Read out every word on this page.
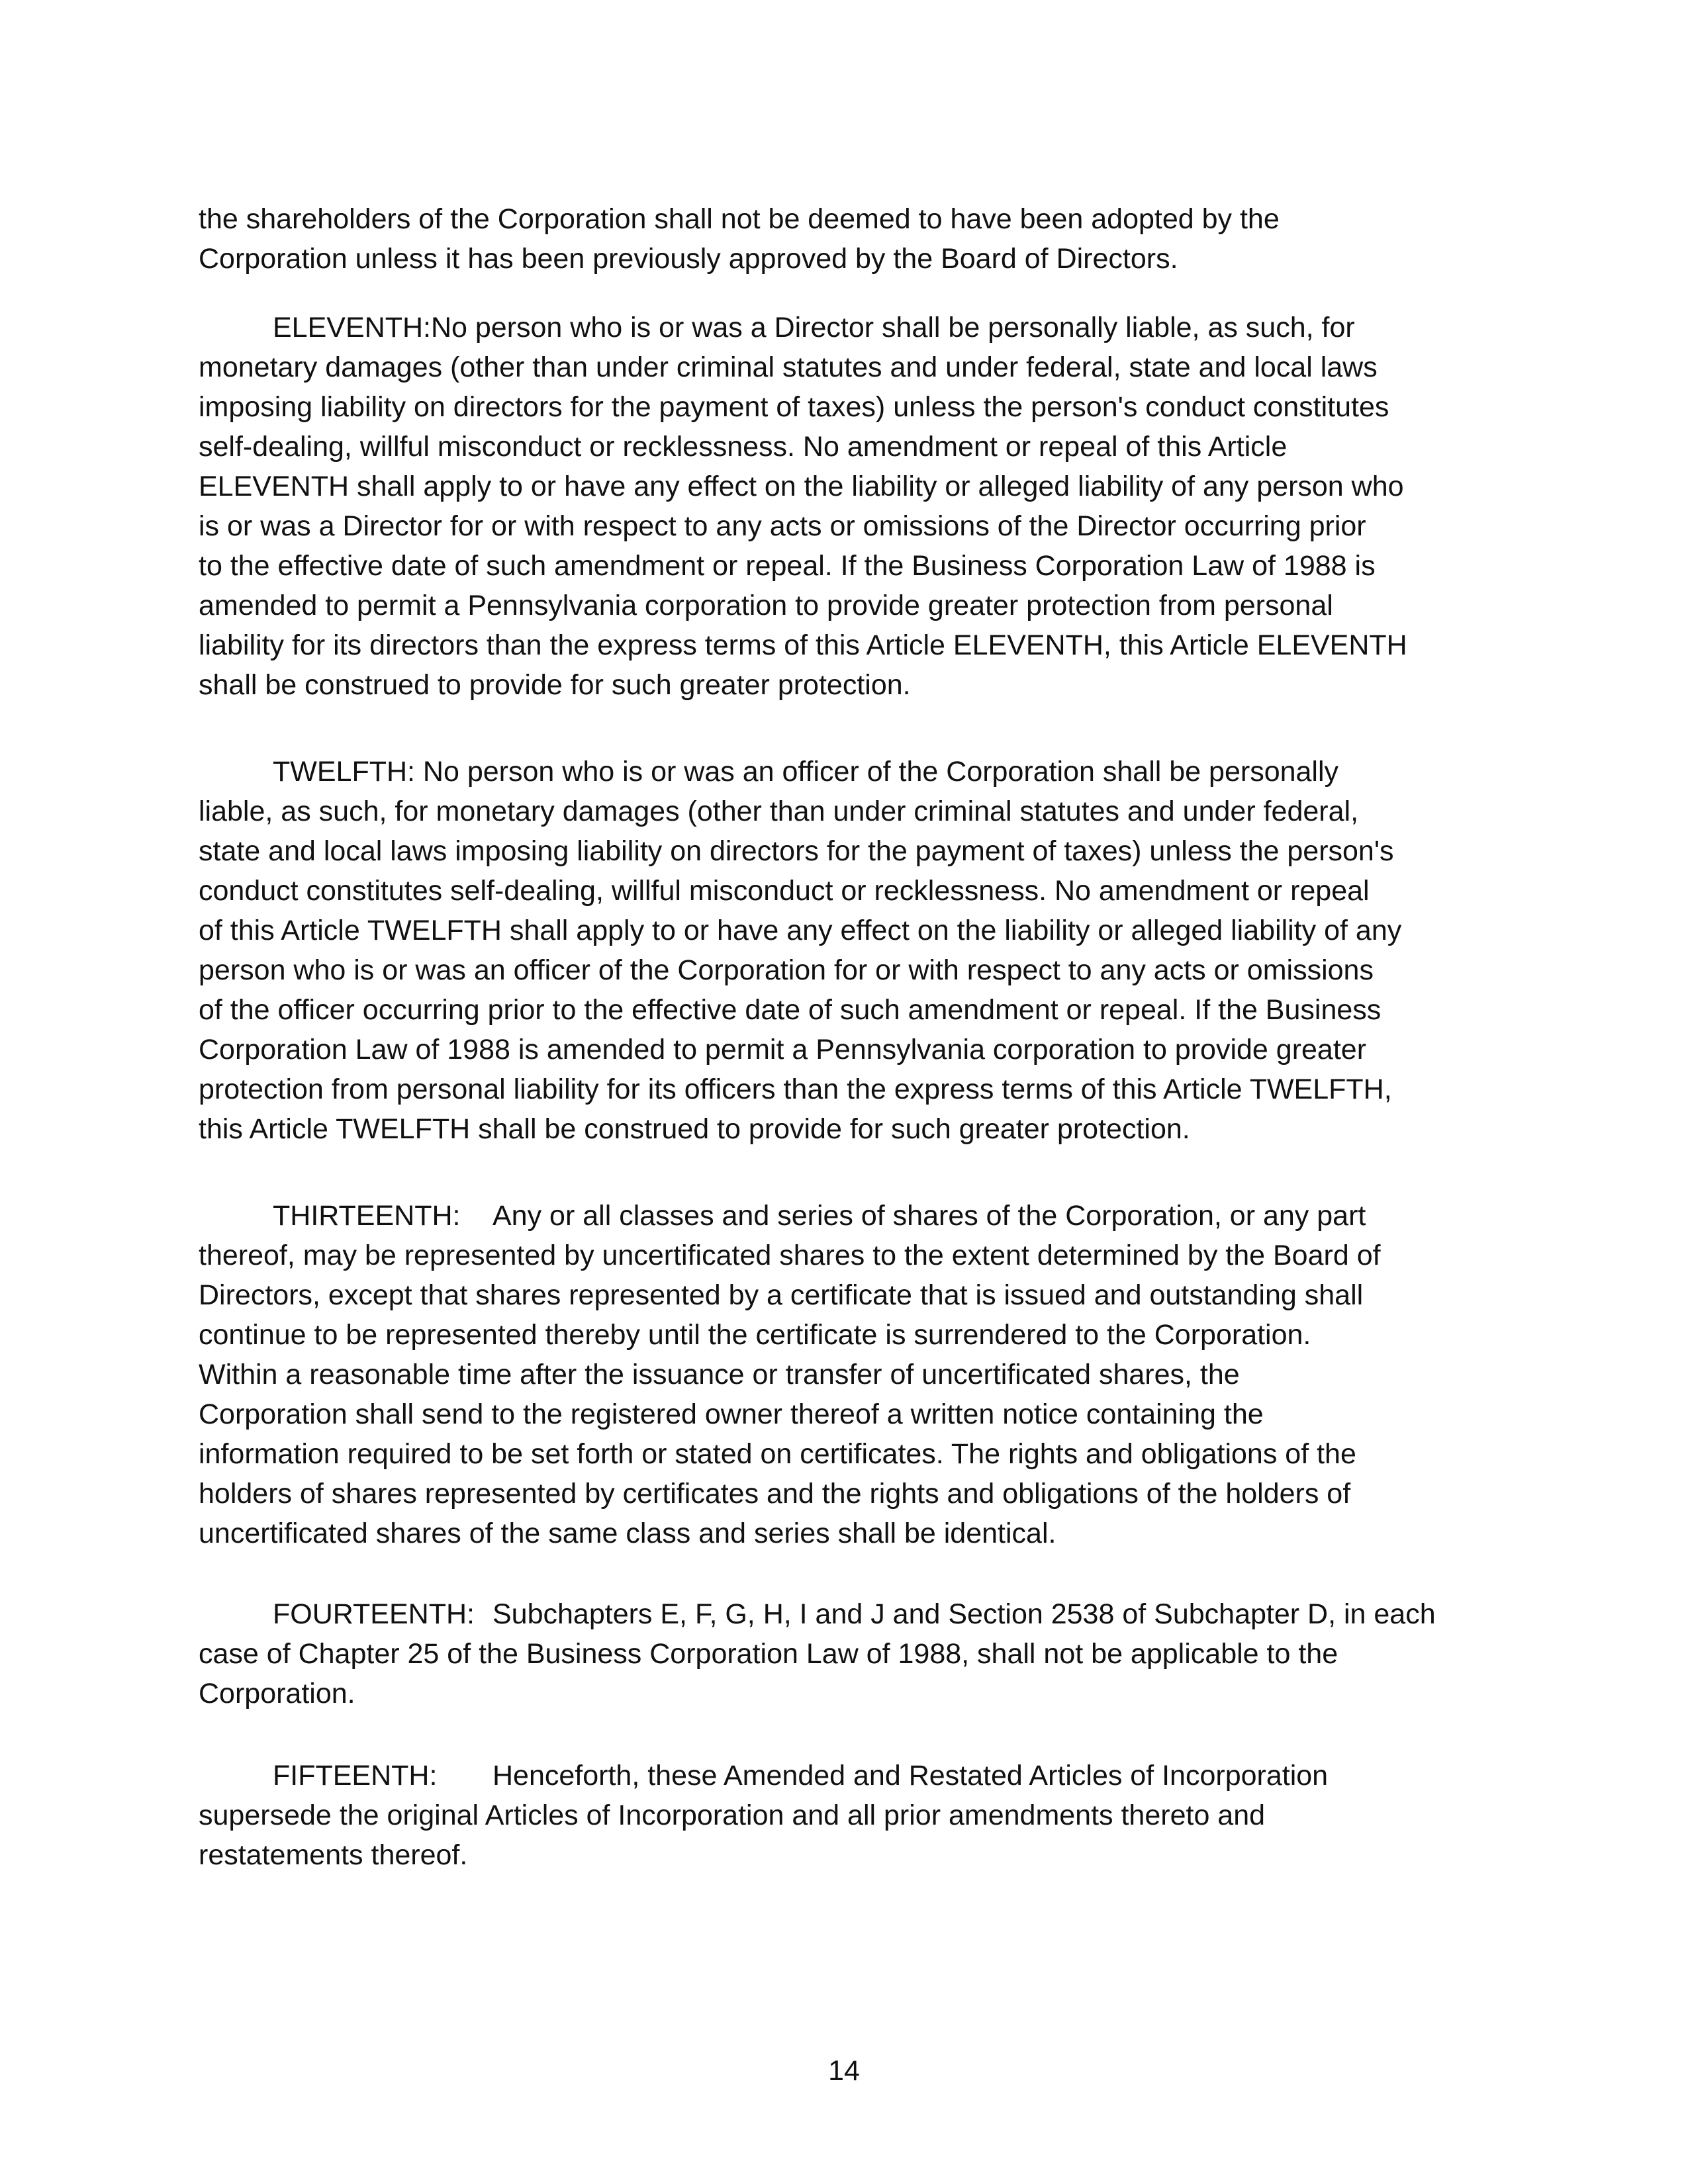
the shareholders of the Corporation shall not be deemed to have been adopted by the
Corporation unless it has been previously approved by the Board of Directors.
ELEVENTH:No person who is or was a Director shall be personally liable, as such, for
monetary damages (other than under criminal statutes and under federal, state and local laws
imposing liability on directors for the payment of taxes) unless the person's conduct constitutes
self-dealing, willful misconduct or recklessness. No amendment or repeal of this Article
ELEVENTH shall apply to or have any effect on the liability or alleged liability of any person who
is or was a Director for or with respect to any acts or omissions of the Director occurring prior
to the effective date of such amendment or repeal. If the Business Corporation Law of 1988 is
amended to permit a Pennsylvania corporation to provide greater protection from personal
liability for its directors than the express terms of this Article ELEVENTH, this Article ELEVENTH
shall be construed to provide for such greater protection.
TWELFTH: No person who is or was an officer of the Corporation shall be personally
liable, as such, for monetary damages (other than under criminal statutes and under federal,
state and local laws imposing liability on directors for the payment of taxes) unless the person's
conduct constitutes self-dealing, willful misconduct or recklessness. No amendment or repeal
of this Article TWELFTH shall apply to or have any effect on the liability or alleged liability of any
person who is or was an officer of the Corporation for or with respect to any acts or omissions
of the officer occurring prior to the effective date of such amendment or repeal. If the Business
Corporation Law of 1988 is amended to permit a Pennsylvania corporation to provide greater
protection from personal liability for its officers than the express terms of this Article TWELFTH,
this Article TWELFTH shall be construed to provide for such greater protection.
THIRTEENTH: Any or all classes and series of shares of the Corporation, or any part
thereof, may be represented by uncertificated shares to the extent determined by the Board of
Directors, except that shares represented by a certificate that is issued and outstanding shall
continue to be represented thereby until the certificate is surrendered to the Corporation.
Within a reasonable time after the issuance or transfer of uncertificated shares, the
Corporation shall send to the registered owner thereof a written notice containing the
information required to be set forth or stated on certificates. The rights and obligations of the
holders of shares represented by certificates and the rights and obligations of the holders of
uncertificated shares of the same class and series shall be identical.
FOURTEENTH: Subchapters E, F, G, H, I and J and Section 2538 of Subchapter D, in each
case of Chapter 25 of the Business Corporation Law of 1988, shall not be applicable to the
Corporation.
FIFTEENTH: Henceforth, these Amended and Restated Articles of Incorporation
supersede the original Articles of Incorporation and all prior amendments thereto and
restatements thereof.
14
